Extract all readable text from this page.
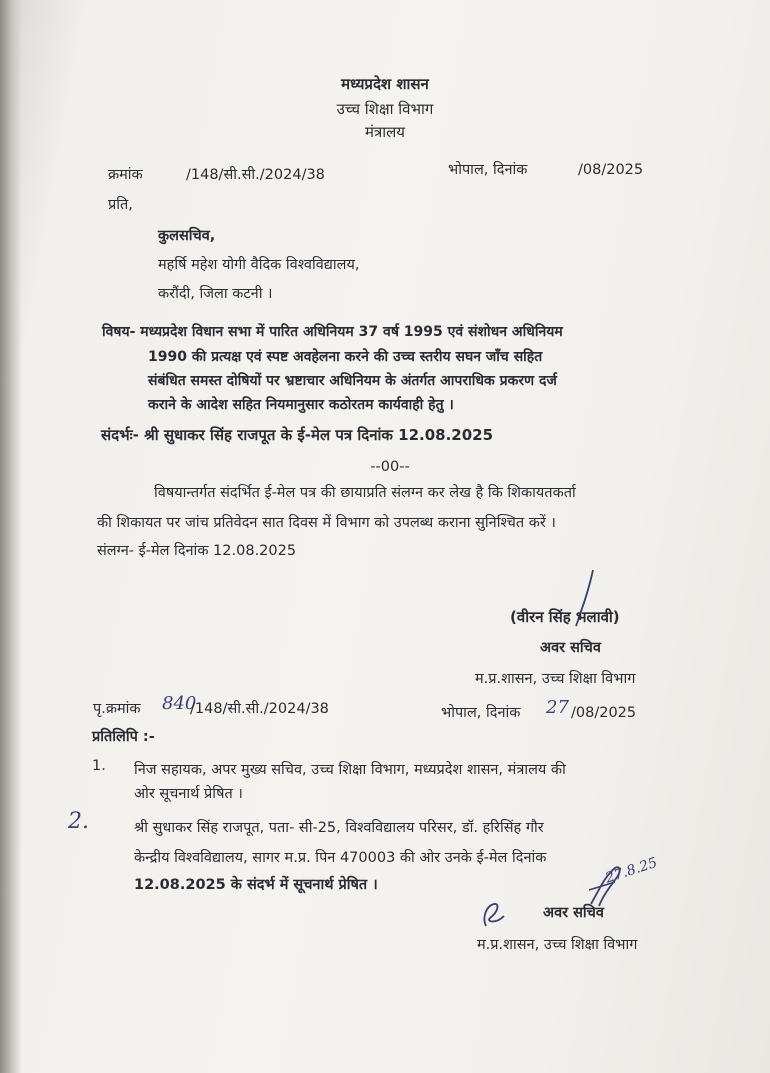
मध्यप्रदेश शासन
उच्च शिक्षा विभाग
मंत्रालय
क्रमांक	/148/सी.सी./2024/38	भोपाल, दिनांक	/08/2025
प्रति,
कुलसचिव,
महर्षि महेश योगी वैदिक विश्वविद्यालय,
करौंदी, जिला कटनी ।
विषय- मध्यप्रदेश विधान सभा में पारित अधिनियम 37 वर्ष 1995 एवं संशोधन अधिनियम
1990 की प्रत्यक्ष एवं स्पष्ट अवहेलना करने की उच्च स्तरीय सघन जाँच सहित
संबंधित समस्त दोषियों पर भ्रष्टाचार अधिनियम के अंतर्गत आपराधिक प्रकरण दर्ज
कराने के आदेश सहित नियमानुसार कठोरतम कार्यवाही हेतु ।
संदर्भः- श्री सुधाकर सिंह राजपूत के ई-मेल पत्र दिनांक 12.08.2025
--00--
विषयान्तर्गत संदर्भित ई-मेल पत्र की छायाप्रति संलग्न कर लेख है कि शिकायतकर्ता
की शिकायत पर जांच प्रतिवेदन सात दिवस में विभाग को उपलब्ध कराना सुनिश्चित करें ।
संलग्न- ई-मेल दिनांक 12.08.2025
(वीरन सिंह भलावी)
अवर सचिव
म.प्र.शासन, उच्च शिक्षा विभाग
पृ.क्रमांक 840
/148/सी.सी./2024/38	भोपाल, दिनांक 27 /08/2025
प्रतिलिपि :-
1. निज सहायक, अपर मुख्य सचिव, उच्च शिक्षा विभाग, मध्यप्रदेश शासन, मंत्रालय की
ओर सूचनार्थ प्रेषित ।
2.	श्री सुधाकर सिंह राजपूत, पता- सी-25, विश्वविद्यालय परिसर, डॉ. हरिसिंह गौर
केन्द्रीय विश्वविद्यालय, सागर म.प्र. पिन 470003 की ओर उनके ई-मेल दिनांक
12.08.2025 के संदर्भ में सूचनार्थ प्रेषित ।	27.8.25
अवर सचिव
म.प्र.शासन, उच्च शिक्षा विभाग
